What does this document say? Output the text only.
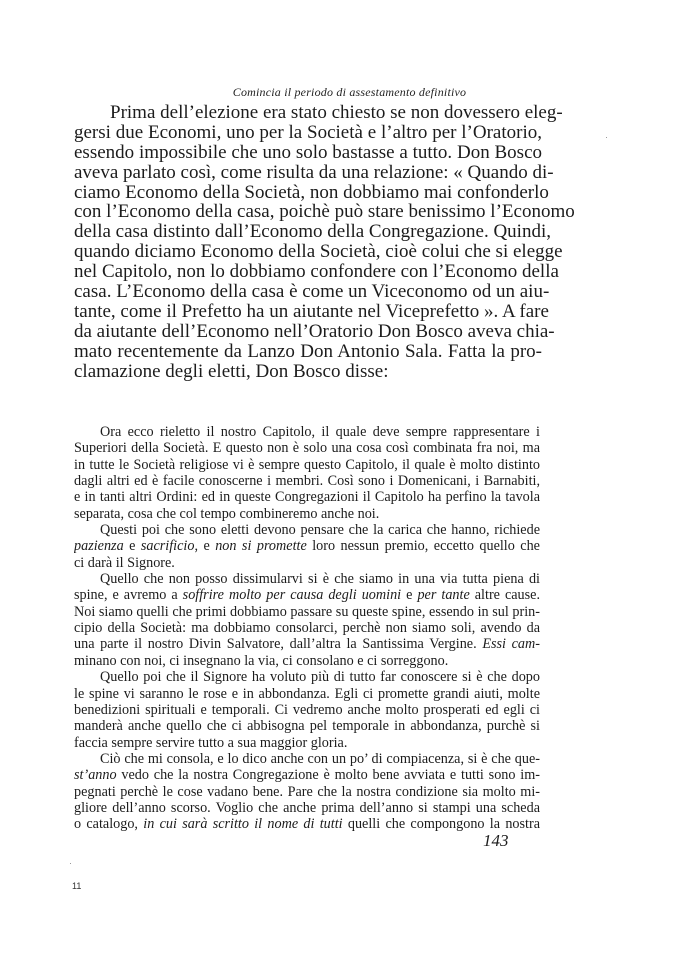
Comincia il periodo di assestamento definitivo
Prima dell’elezione era stato chiesto se non dovessero eleg-
gersi due Economi, uno per la Società e l’altro per l’Oratorio,
essendo impossibile che uno solo bastasse a tutto. Don Bosco
aveva parlato così, come risulta da una relazione: « Quando di-
ciamo Economo della Società, non dobbiamo mai confonderlo
con l’Economo della casa, poichè può stare benissimo l’Economo
della casa distinto dall’Economo della Congregazione. Quindi,
quando diciamo Economo della Società, cioè colui che si elegge
nel Capitolo, non lo dobbiamo confondere con l’Economo della
casa. L’Economo della casa è come un Viceconomo od un aiu-
tante, come il Prefetto ha un aiutante nel Viceprefetto ». A fare
da aiutante dell’Economo nell’Oratorio Don Bosco aveva chia-
mato recentemente da Lanzo Don Antonio Sala. Fatta la pro-
clamazione degli eletti, Don Bosco disse:
Ora ecco rieletto il nostro Capitolo, il quale deve sempre rappresentare i
Superiori della Società. E questo non è solo una cosa così combinata fra noi, ma
in tutte le Società religiose vi è sempre questo Capitolo, il quale è molto distinto
dagli altri ed è facile conoscerne i membri. Così sono i Domenicani, i Barnabiti,
e in tanti altri Ordini: ed in queste Congregazioni il Capitolo ha perfino la tavola
separata, cosa che col tempo combineremo anche noi.
Questi poi che sono eletti devono pensare che la carica che hanno, richiede
pazienza e sacrificio, e non si promette loro nessun premio, eccetto quello che
ci darà il Signore.
Quello che non posso dissimularvi si è che siamo in una via tutta piena di
spine, e avremo a soffrire molto per causa degli uomini e per tante altre cause.
Noi siamo quelli che primi dobbiamo passare su queste spine, essendo in sul prin-
cipio della Società: ma dobbiamo consolarci, perchè non siamo soli, avendo da
una parte il nostro Divin Salvatore, dall’altra la Santissima Vergine. Essi cam-
minano con noi, ci insegnano la via, ci consolano e ci sorreggono.
Quello poi che il Signore ha voluto più di tutto far conoscere si è che dopo
le spine vi saranno le rose e in abbondanza. Egli ci promette grandi aiuti, molte
benedizioni spirituali e temporali. Ci vedremo anche molto prosperati ed egli ci
manderà anche quello che ci abbisogna pel temporale in abbondanza, purchè si
faccia sempre servire tutto a sua maggior gloria.
Ciò che mi consola, e lo dico anche con un po’ di compiacenza, si è che que-
st’anno vedo che la nostra Congregazione è molto bene avviata e tutti sono im-
pegnati perchè le cose vadano bene. Pare che la nostra condizione sia molto mi-
gliore dell’anno scorso. Voglio che anche prima dell’anno si stampi una scheda
o catalogo, in cui sarà scritto il nome di tutti quelli che compongono la nostra
143
11
